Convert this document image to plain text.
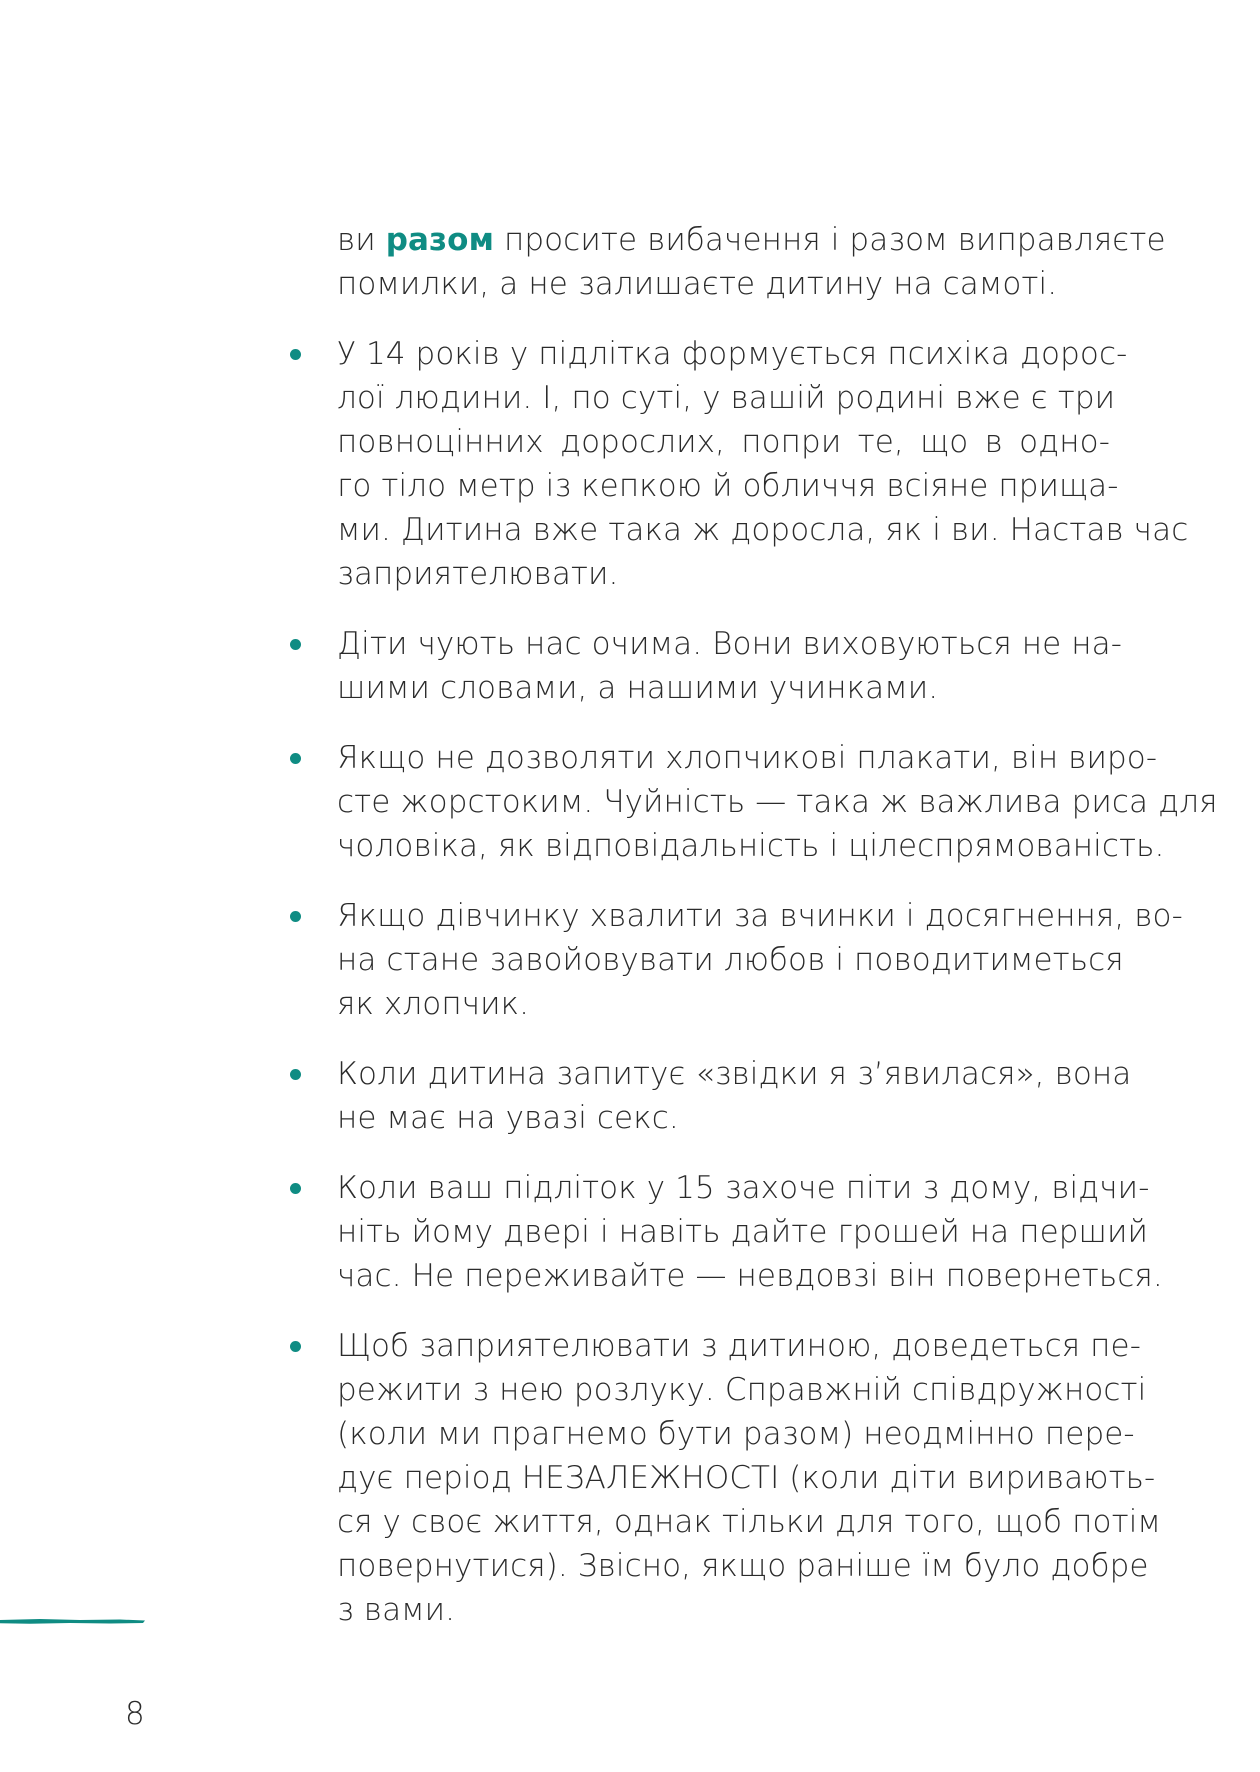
ви разом просите вибачення і разом виправляєте
помилки, а не залишаєте дитину на самоті.
У 14 років у підлітка формується психіка дорос-
лої людини. І, по суті, у вашій родині вже є три
повноцінних дорослих, попри те, що в одно-
го тіло метр із кепкою й обличчя всіяне прища-
ми. Дитина вже така ж доросла, як і ви. Настав час
заприятелювати.
Діти чують нас очима. Вони виховуються не на-
шими словами, а нашими учинками.
Якщо не дозволяти хлопчикові плакати, він виро-
сте жорстоким. Чуйність — така ж важлива риса для
чоловіка, як відповідальність і цілеспрямованість.
Якщо дівчинку хвалити за вчинки і досягнення, во-
на стане завойовувати любов і поводитиметься
як хлопчик.
Коли дитина запитує «звідки я з’явилася», вона
не має на увазі секс.
Коли ваш підліток у 15 захоче піти з дому, відчи-
ніть йому двері і навіть дайте грошей на перший
час. Не переживайте — невдовзі він повернеться.
Щоб заприятелювати з дитиною, доведеться пе-
режити з нею розлуку. Справжній співдружності
(коли ми прагнемо бути разом) неодмінно пере-
дує період НЕЗАЛЕЖНОСТІ (коли діти виривають-
ся у своє життя, однак тільки для того, щоб потім
повернутися). Звісно, якщо раніше їм було добре
з вами.
8
